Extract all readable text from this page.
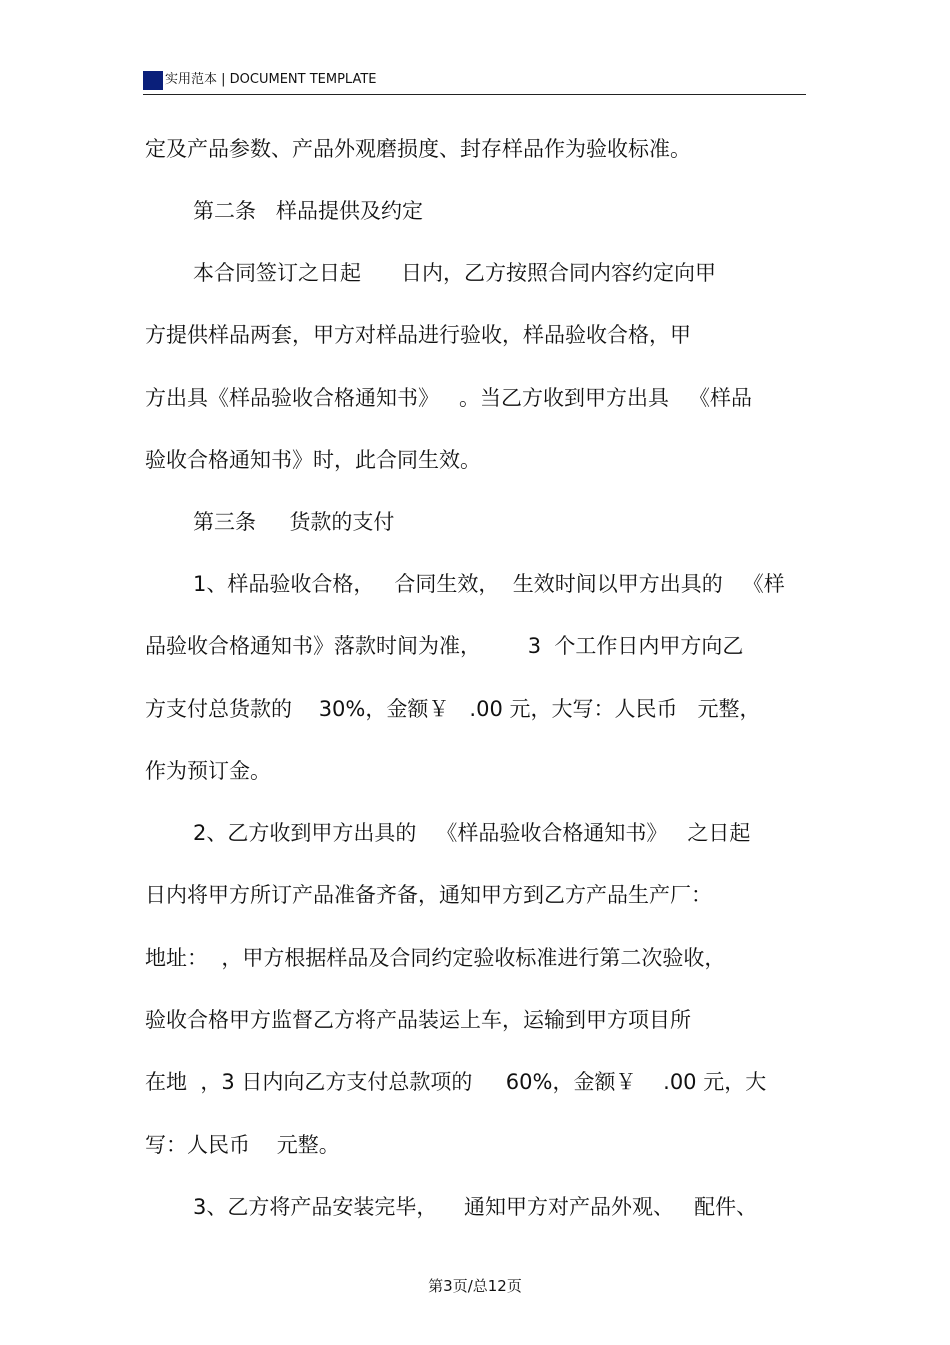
实用范本 | DOCUMENT TEMPLATE
定及产品参数、产品外观磨损度、封存样品作为验收标准。
第二条   样品提供及约定
本合同签订之日起      日内，乙方按照合同内容约定向甲
方提供样品两套，甲方对样品进行验收，样品验收合格，甲
方出具《样品验收合格通知书》   。当乙方收到甲方出具   《样品
验收合格通知书》时，此合同生效。
第三条     货款的支付
1、样品验收合格，   合同生效，  生效时间以甲方出具的   《样
品验收合格通知书》落款时间为准，       3  个工作日内甲方向乙
方支付总货款的    30%，金额￥   .00 元，大写：人民币   元整，
作为预订金。
2、乙方收到甲方出具的   《样品验收合格通知书》   之日起
日内将甲方所订产品准备齐备，通知甲方到乙方产品生产厂：
地址：  ，甲方根据样品及合同约定验收标准进行第二次验收，
验收合格甲方监督乙方将产品装运上车，运输到甲方项目所
在地  ，3 日内向乙方支付总款项的     60%，金额￥    .00 元，大
写：人民币    元整。
3、乙方将产品安装完毕，    通知甲方对产品外观、   配件、
第3页/总12页
